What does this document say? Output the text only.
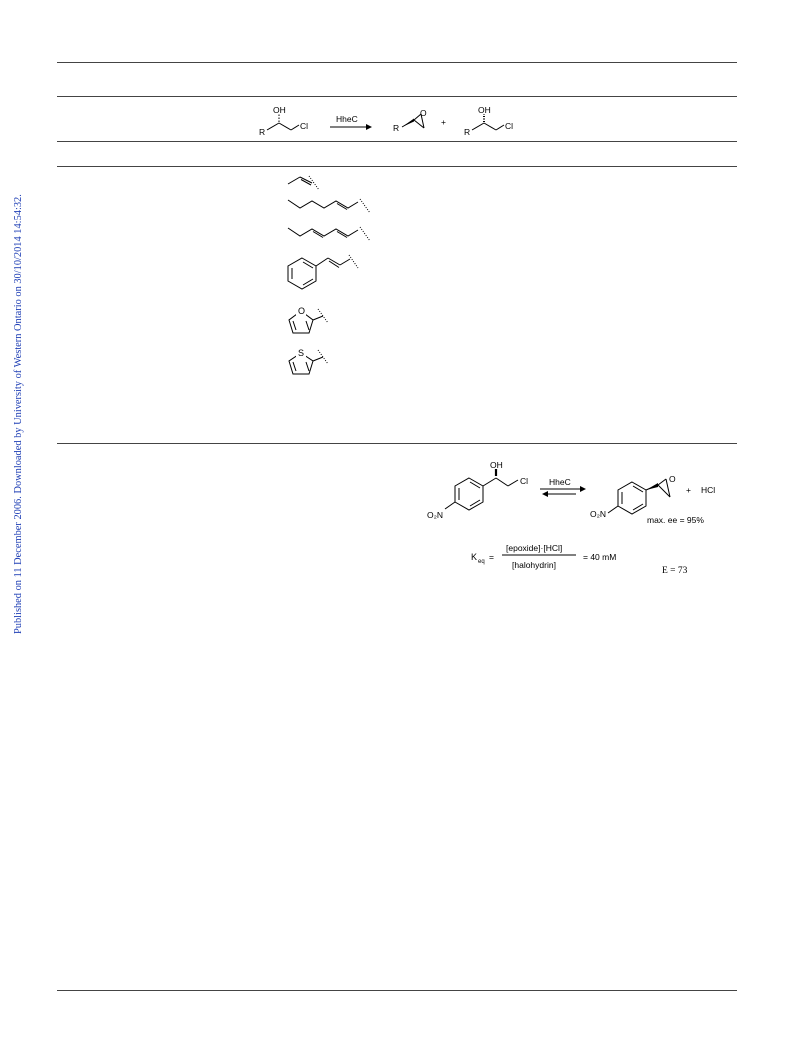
Published on 11 December 2006. Downloaded by University of Western Ontario on 30/10/2014 14:54:32.
OH
R
Cl
HheC
R
O
+
OH
R
Cl
O
S
OH
Cl
O₂N
HheC	O
+ HCl
O₂N
max. ee = 95%
K eq =
[epoxide]·[HCl]
[halohydrin]
= 40 mM
E = 73
